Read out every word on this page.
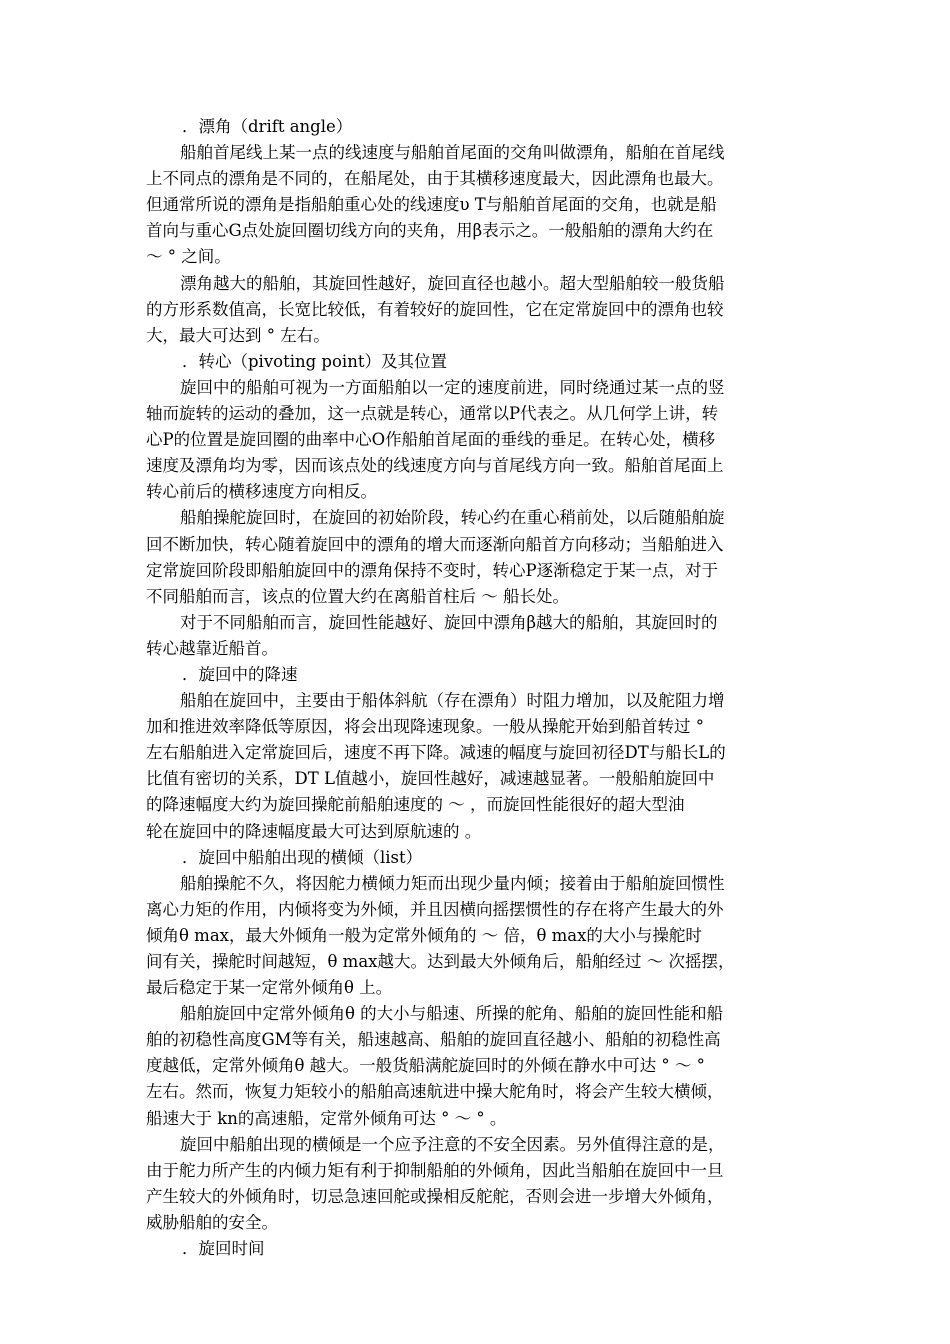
．漂角（drift angle）
船舶首尾线上某一点的线速度与船舶首尾面的交角叫做漂角，船舶在首尾线
上不同点的漂角是不同的，在船尾处，由于其横移速度最大，因此漂角也最大。
但通常所说的漂角是指船舶重心处的线速度υ T与船舶首尾面的交角，也就是船
首向与重心G点处旋回圈切线方向的夹角，用β表示之。一般船舶的漂角大约在
～ ° 之间。
漂角越大的船舶，其旋回性越好，旋回直径也越小。超大型船舶较一般货船
的方形系数值高，长宽比较低，有着较好的旋回性，它在定常旋回中的漂角也较
大，最大可达到 ° 左右。
．转心（pivoting point）及其位置
旋回中的船舶可视为一方面船舶以一定的速度前进，同时绕通过某一点的竖
轴而旋转的运动的叠加，这一点就是转心，通常以P代表之。从几何学上讲，转
心P的位置是旋回圈的曲率中心O作船舶首尾面的垂线的垂足。在转心处，横移
速度及漂角均为零，因而该点处的线速度方向与首尾线方向一致。船舶首尾面上
转心前后的横移速度方向相反。
船舶操舵旋回时，在旋回的初始阶段，转心约在重心稍前处，以后随船舶旋
回不断加快，转心随着旋回中的漂角的增大而逐渐向船首方向移动；当船舶进入
定常旋回阶段即船舶旋回中的漂角保持不变时，转心P逐渐稳定于某一点，对于
不同船舶而言，该点的位置大约在离船首柱后 ～ 船长处。
对于不同船舶而言，旋回性能越好、旋回中漂角β越大的船舶，其旋回时的
转心越靠近船首。
．旋回中的降速
船舶在旋回中，主要由于船体斜航（存在漂角）时阻力增加，以及舵阻力增
加和推进效率降低等原因，将会出现降速现象。一般从操舵开始到船首转过 °
左右船舶进入定常旋回后，速度不再下降。减速的幅度与旋回初径DT与船长L的
比值有密切的关系，DT L值越小，旋回性越好，减速越显著。一般船舶旋回中
的降速幅度大约为旋回操舵前船舶速度的 ～ ，而旋回性能很好的超大型油
轮在旋回中的降速幅度最大可达到原航速的 。
．旋回中船舶出现的横倾（list）
船舶操舵不久，将因舵力横倾力矩而出现少量内倾；接着由于船舶旋回惯性
离心力矩的作用，内倾将变为外倾，并且因横向摇摆惯性的存在将产生最大的外
倾角θ max，最大外倾角一般为定常外倾角的 ～ 倍，θ max的大小与操舵时
间有关，操舵时间越短，θ max越大。达到最大外倾角后，船舶经过 ～ 次摇摆，
最后稳定于某一定常外倾角θ 上。
船舶旋回中定常外倾角θ 的大小与船速、所操的舵角、船舶的旋回性能和船
舶的初稳性高度GM等有关，船速越高、船舶的旋回直径越小、船舶的初稳性高
度越低，定常外倾角θ 越大。一般货船满舵旋回时的外倾在静水中可达 ° ～ °
左右。然而，恢复力矩较小的船舶高速航进中操大舵角时，将会产生较大横倾，
船速大于 kn的高速船，定常外倾角可达 ° ～ ° 。
旋回中船舶出现的横倾是一个应予注意的不安全因素。另外值得注意的是，
由于舵力所产生的内倾力矩有利于抑制船舶的外倾角，因此当船舶在旋回中一旦
产生较大的外倾角时，切忌急速回舵或操相反舵舵，否则会进一步增大外倾角，
威胁船舶的安全。
．旋回时间
